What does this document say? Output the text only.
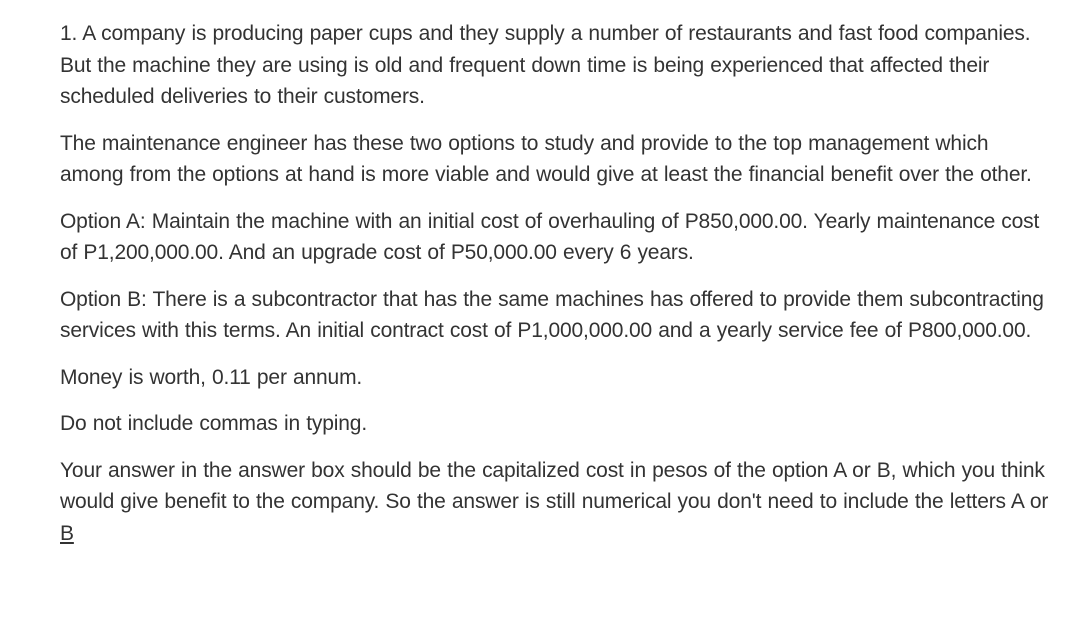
1. A company is producing paper cups and they supply a number of restaurants and fast food companies. But the machine they are using is old and frequent down time is being experienced that affected their scheduled deliveries to their customers.

The maintenance engineer has these two options to study and provide to the top management which among from the options at hand is more viable and would give at least the financial benefit over the other.

Option A: Maintain the machine with an initial cost of overhauling of P850,000.00. Yearly maintenance cost of P1,200,000.00. And an upgrade cost of P50,000.00 every 6 years.

Option B: There is a subcontractor that has the same machines has offered to provide them subcontracting services with this terms. An initial contract cost of P1,000,000.00 and a yearly service fee of P800,000.00.

Money is worth, 0.11 per annum.

Do not include commas in typing.

Your answer in the answer box should be the capitalized cost in pesos of the option A or B, which you think would give benefit to the company. So the answer is still numerical you don't need to include the letters A or B
